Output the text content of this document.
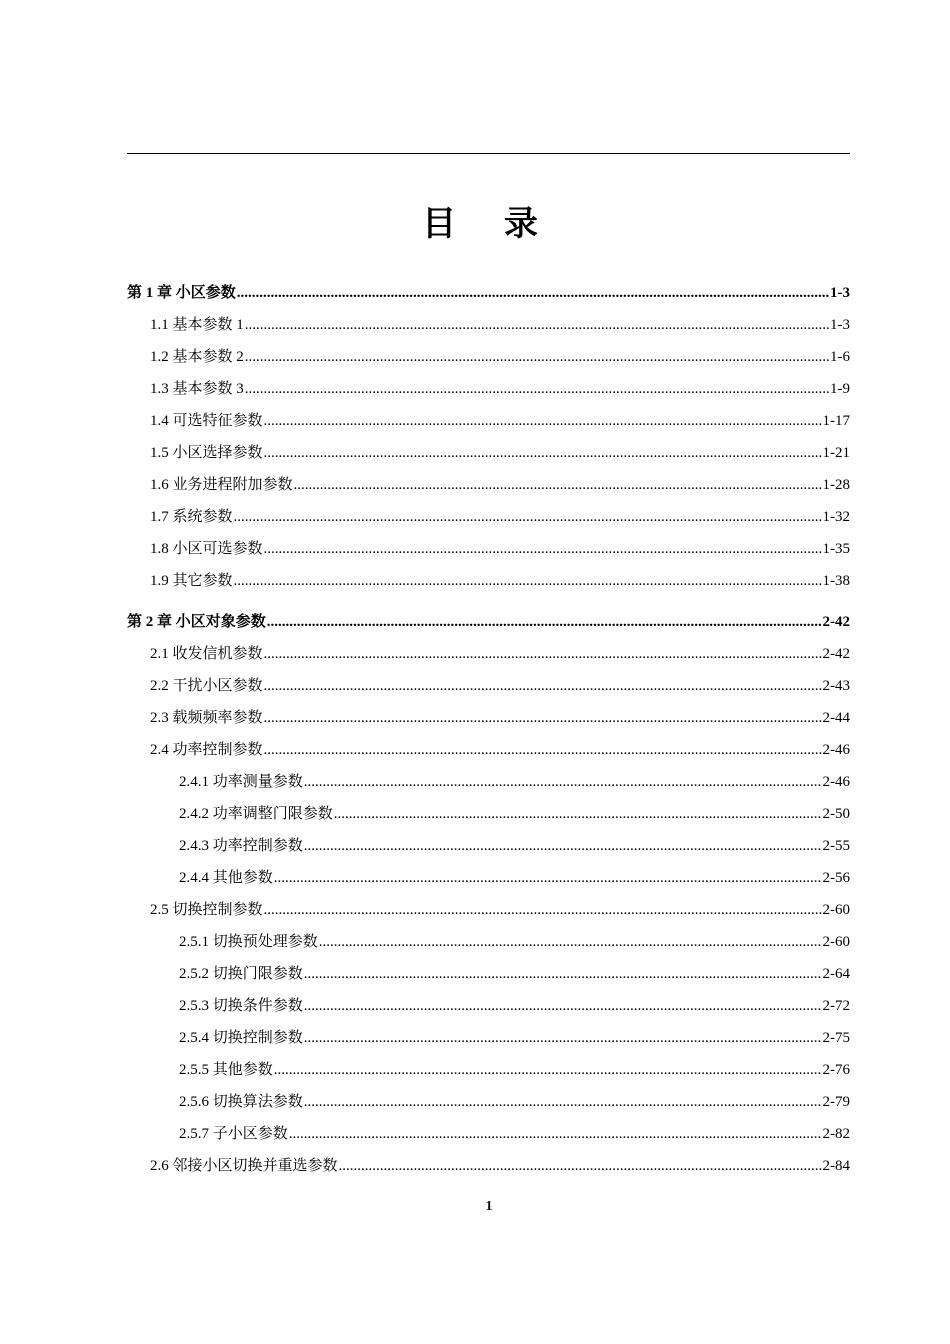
目 录
第 1 章 小区参数 .....	1-3
1.1 基本参数 1 .....	1-3
1.2 基本参数 2 .....	1-6
1.3 基本参数 3 .....	1-9
1.4 可选特征参数 .....	1-17
1.5 小区选择参数 .....	1-21
1.6 业务进程附加参数 .....	1-28
1.7 系统参数 .....	1-32
1.8 小区可选参数 .....	1-35
1.9 其它参数 .....	1-38
第 2 章 小区对象参数 .....	2-42
2.1 收发信机参数 .....	2-42
2.2 干扰小区参数 .....	2-43
2.3 载频频率参数 .....	2-44
2.4 功率控制参数 .....	2-46
2.4.1 功率测量参数 .....	2-46
2.4.2 功率调整门限参数 .....	2-50
2.4.3 功率控制参数 .....	2-55
2.4.4 其他参数 .....	2-56
2.5 切换控制参数 .....	2-60
2.5.1 切换预处理参数 .....	2-60
2.5.2 切换门限参数 .....	2-64
2.5.3 切换条件参数 .....	2-72
2.5.4 切换控制参数 .....	2-75
2.5.5 其他参数 .....	2-76
2.5.6 切换算法参数 .....	2-79
2.5.7 子小区参数 .....	2-82
2.6 邻接小区切换并重选参数 .....	2-84
1
